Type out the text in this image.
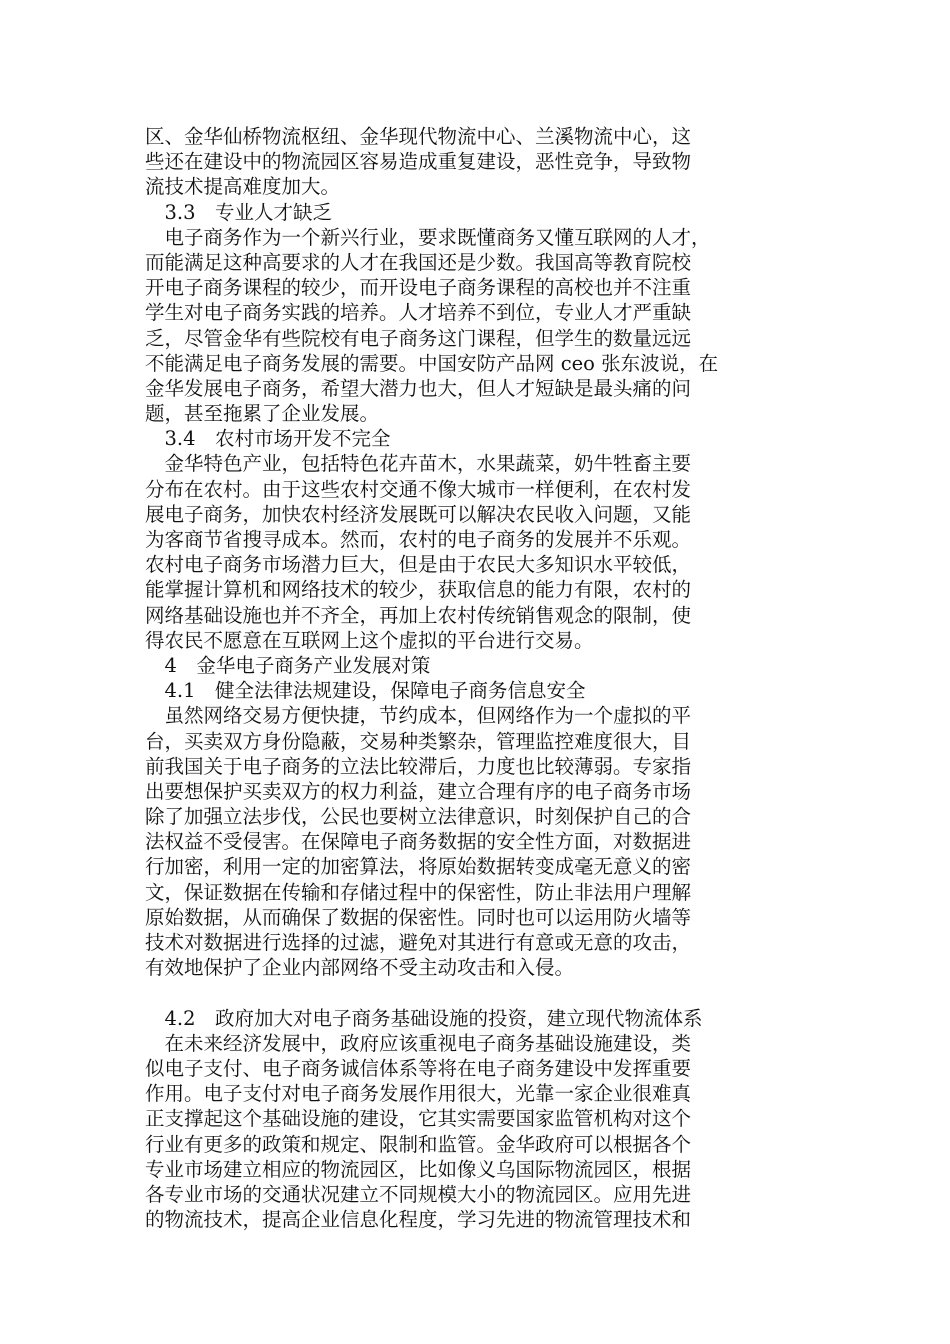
区、金华仙桥物流枢纽、金华现代物流中心、兰溪物流中心，这
些还在建设中的物流园区容易造成重复建设，恶性竞争，导致物
流技术提高难度加大。
　3.3　专业人才缺乏
　电子商务作为一个新兴行业，要求既懂商务又懂互联网的人才，
而能满足这种高要求的人才在我国还是少数。我国高等教育院校
开电子商务课程的较少，而开设电子商务课程的高校也并不注重
学生对电子商务实践的培养。人才培养不到位，专业人才严重缺
乏，尽管金华有些院校有电子商务这门课程，但学生的数量远远
不能满足电子商务发展的需要。中国安防产品网 ceo 张东波说，在
金华发展电子商务，希望大潜力也大，但人才短缺是最头痛的问
题，甚至拖累了企业发展。
　3.4　农村市场开发不完全
　金华特色产业，包括特色花卉苗木，水果蔬菜，奶牛牲畜主要
分布在农村。由于这些农村交通不像大城市一样便利，在农村发
展电子商务，加快农村经济发展既可以解决农民收入问题，又能
为客商节省搜寻成本。然而，农村的电子商务的发展并不乐观。
农村电子商务市场潜力巨大，但是由于农民大多知识水平较低，
能掌握计算机和网络技术的较少，获取信息的能力有限，农村的
网络基础设施也并不齐全，再加上农村传统销售观念的限制，使
得农民不愿意在互联网上这个虚拟的平台进行交易。
　4　金华电子商务产业发展对策
　4.1　健全法律法规建设，保障电子商务信息安全
　虽然网络交易方便快捷，节约成本，但网络作为一个虚拟的平
台，买卖双方身份隐蔽，交易种类繁杂，管理监控难度很大，目
前我国关于电子商务的立法比较滞后，力度也比较薄弱。专家指
出要想保护买卖双方的权力利益，建立合理有序的电子商务市场
除了加强立法步伐，公民也要树立法律意识，时刻保护自己的合
法权益不受侵害。在保障电子商务数据的安全性方面，对数据进
行加密，利用一定的加密算法，将原始数据转变成毫无意义的密
文，保证数据在传输和存储过程中的保密性，防止非法用户理解
原始数据，从而确保了数据的保密性。同时也可以运用防火墙等
技术对数据进行选择的过滤，避免对其进行有意或无意的攻击，
有效地保护了企业内部网络不受主动攻击和入侵。
　4.2　政府加大对电子商务基础设施的投资，建立现代物流体系
　在未来经济发展中，政府应该重视电子商务基础设施建设，类
似电子支付、电子商务诚信体系等将在电子商务建设中发挥重要
作用。电子支付对电子商务发展作用很大，光靠一家企业很难真
正支撑起这个基础设施的建设，它其实需要国家监管机构对这个
行业有更多的政策和规定、限制和监管。金华政府可以根据各个
专业市场建立相应的物流园区，比如像义乌国际物流园区，根据
各专业市场的交通状况建立不同规模大小的物流园区。应用先进
的物流技术，提高企业信息化程度，学习先进的物流管理技术和
